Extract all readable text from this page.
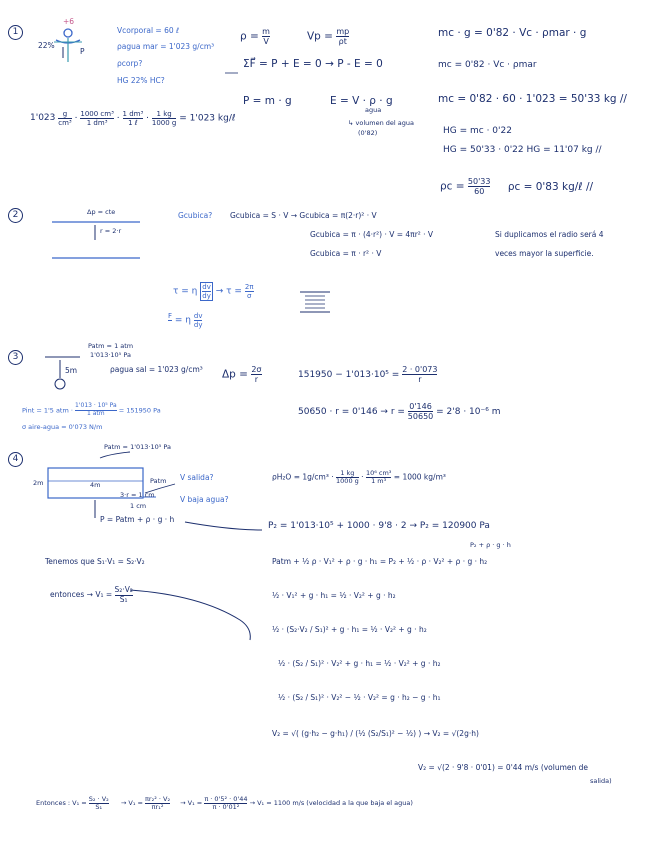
1
+6
22%
P
Vcorporal = 60 ℓ
ρagua mar = 1'023 g/cm³
ρcorp?
HG 22% HC?
$\rho = \frac{m}{V}$	$Vp = \frac{mp}{\rho t}$
ΣF⃗ = P + E = 0 → P - E = 0
P = m · g	E = V · ρ · g
agua
↳ volumen del agua
(0'82)
$1'023 \frac{g}{\text{cm³}} \cdot \frac{\text{1000 cm³}}{\text{1 dm³}} \cdot 1$ dm³
1 ℓ · $\frac{1 kg}{1000 g} = 1'023$ kg/ℓ
mc · g = 0'82 · Vc · ρmar · g
mc = 0'82 · Vc · ρmar
mc = 0'82 · 60 · 1'023 = 50'33 kg //
HG = mc · 0'22
HG = 50'33 · 0'22 HG = 11'07 kg //
$\rho c = \frac{50'33}{60}$ ρc = 0'83 kg/ℓ //
2	Δp = cte
r = 2·r
Gcubica? Gcubica = S · V → Gcubica = π(2·r)² · V
Gcubica = π · (4·r²) · V = 4πr² · V
Gcubica = π · r² · V
Si duplicamos el radio será 4
veces mayor la superficie.
τ = η $\frac{dv}{dy} \to \tau = \frac{2\pi}{\sigma}$
F
= η $\frac{dv}{dy}$
3
Patm = 1 atm
1'013·10⁵ Pa
5m	ρagua sal = 1'023 g/cm³ $\Delta p = \frac{2\sigma}{r}$	$151950 - 1'013\cdot 10^5 = \frac{2 \cdot 0'073}{r}$
Pint = 1'5 atm ·
1'013 · 10⁵ Pa
1 atm	= 151950 Pa
σ aire-agua = 0'073 N/m
$50650 \cdot r = 0'146 \to r = \frac{0'146}{50650} = 2'8 \cdot 10^{-6}$ m
4
Patm = 1'013·10⁵ Pa
2m	4m	Patm
3·r = 1 cm
1 cm
V salida?
V baja agua?
P = Patm + ρ · g · h
$\rho H_2O = 1g/cm^3 \cdot \frac{1 kg}{1000 g} \cdot \frac{\text{10⁶ cm³}}{\text{1 m³}} = 1000$ kg/m³
P₂ = 1'013·10⁵ + 1000 · 9'8 · 2 → P₂ = 120900 Pa
P₂ + ρ · g · h
Patm + ½ ρ · V₁² + ρ · g · h₁ = P₂ + ½ · ρ · V₂² + ρ · g · h₂
Tenemos que S₁·V₁ = S₂·V₂
entonces → $V_1 = \frac{\text{S₂·V₂}}{\text{S₁}}$	½ · V₁² + g · h₁ = ½ · V₂² + g · h₂
½ · (S₂·V₂ / S₁)² + g · h₁ = ½ · V₂² + g · h₂
½ · (S₂ / S₁)² · V₂² + g · h₁ = ½ · V₂² + g · h₂
½ · (S₂ / S₁)² · V₂² − ½ · V₂² = g · h₂ − g · h₁
V₂ = √( (g·h₂ − g·h₁) / (½ (S₂/S₁)² − ½) ) → V₂ = √(2g·h)
V₂ = √(2 · 9'8 · 0'01) = 0'44 m/s (volumen de
salida)
Entonces : $V_1 = \frac{\text{S₂ · V₂}}{\text{S₁}} \to V_1 = \frac{\text{πr₂² · V₂}}{\text{πr₁²}} \to V_1 = \frac{\text{π · 0'5² · 0'44}}{\text{π · 0'01²}} \to V_1 = 1100$ m/s (velocidad a la que baja el agua)
